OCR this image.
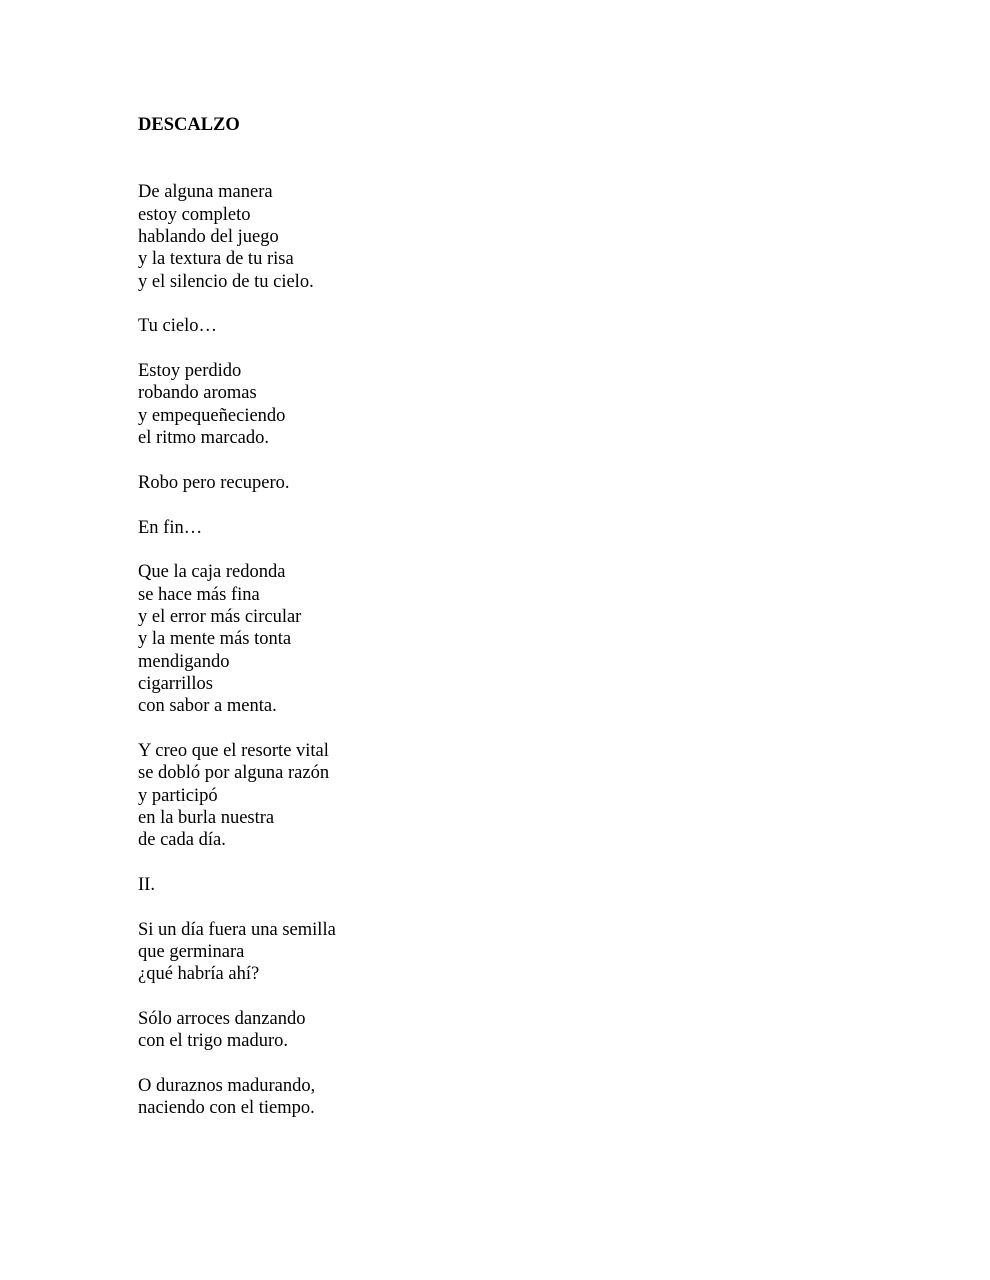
DESCALZO
De alguna manera
estoy completo
hablando del juego
y la textura de tu risa
y el silencio de tu cielo.
Tu cielo…
Estoy perdido
robando aromas
y empequeñeciendo
el ritmo marcado.
Robo pero recupero.
En fin…
Que la caja redonda
se hace más fina
y el error más circular
y la mente más tonta
mendigando
cigarrillos
con sabor a menta.
Y creo que el resorte vital
se dobló por alguna razón
y participó
en la burla nuestra
de cada día.
II.
Si un día fuera una semilla
que germinara
¿qué habría ahí?
Sólo arroces danzando
con el trigo maduro.
O duraznos madurando,
naciendo con el tiempo.
